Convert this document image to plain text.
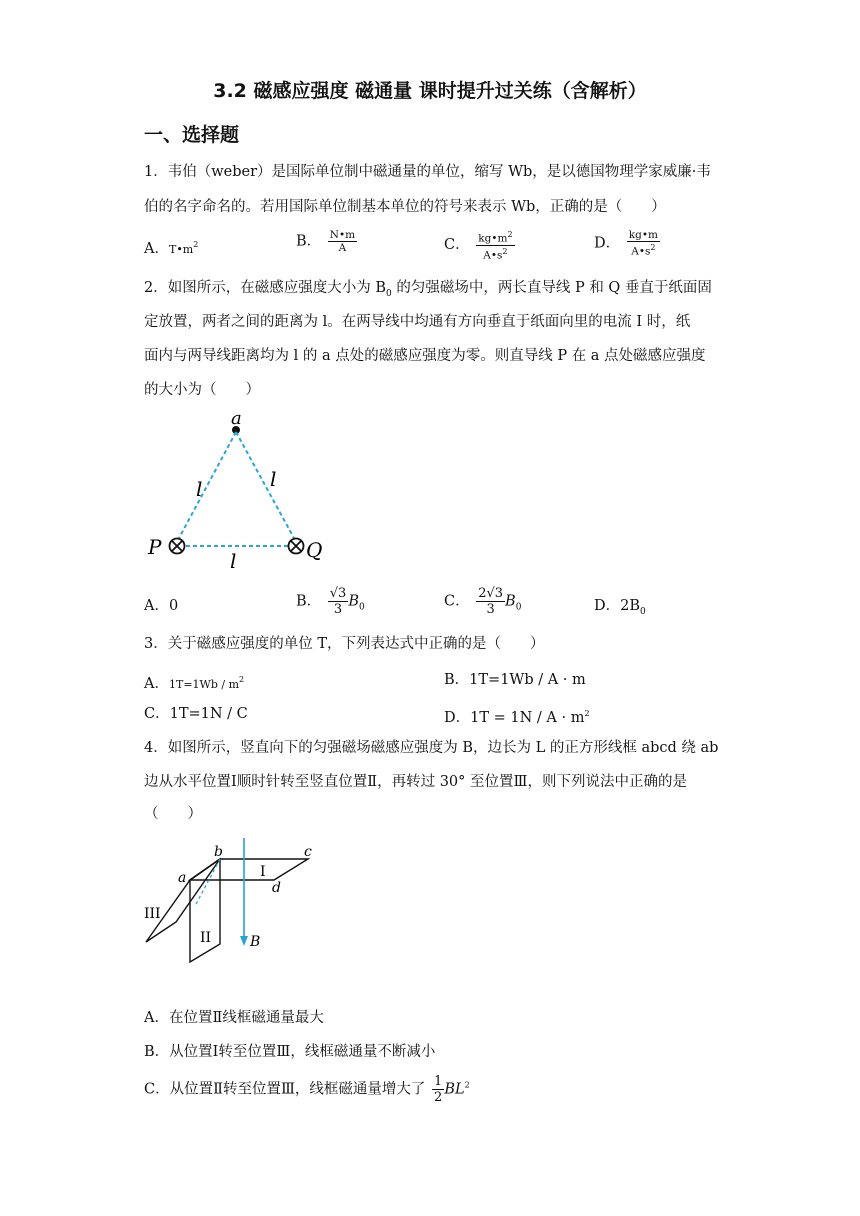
3.2 磁感应强度 磁通量 课时提升过关练（含解析）
一、选择题
1．韦伯（weber）是国际单位制中磁通量的单位，缩写 Wb，是以德国物理学家威廉·韦
伯的名字命名的。若用国际单位制基本单位的符号来表示 Wb，正确的是（　　）
A．$T•m^2$	B． $\frac{N•m}{A}$	C． $\frac{kg•m^2}{A•s^2}$	D． $\frac{kg•m}{A•s^2}$
2．如图所示，在磁感应强度大小为 $B_0$ 的匀强磁场中，两长直导线 P 和 Q 垂直于纸面固
定放置，两者之间的距离为 l。在两导线中均通有方向垂直于纸面向里的电流 I 时，纸
面内与两导线距离均为 l 的 a 点处的磁感应强度为零。则直导线 P 在 a 点处磁感应强度
的大小为（　　）
a
l	l
l
P	Q
A．0	B． $\frac{√3}{3} B_0$	C． $\frac{2√3}{3} B_0$	D．$2B_0$
3．关于磁感应强度的单位 T，下列表达式中正确的是（　　）
A．$1T=1Wb / m^2$	B．1T=1Wb / A · m
C．1T=1N / C	D．$1T = 1N / A \cdot m^2$
4．如图所示，竖直向下的匀强磁场磁感应强度为 B，边长为 L 的正方形线框 abcd 绕 ab
边从水平位置Ⅰ顺时针转至竖直位置Ⅱ，再转过 30° 至位置Ⅲ，则下列说法中正确的是
（　　）
B
a
b	c
d
I
II
III
A．在位置Ⅱ线框磁通量最大
B．从位置Ⅰ转至位置Ⅲ，线框磁通量不断减小
C．从位置Ⅱ转至位置Ⅲ，线框磁通量增大了 $\frac{1}{2} BL^2$
